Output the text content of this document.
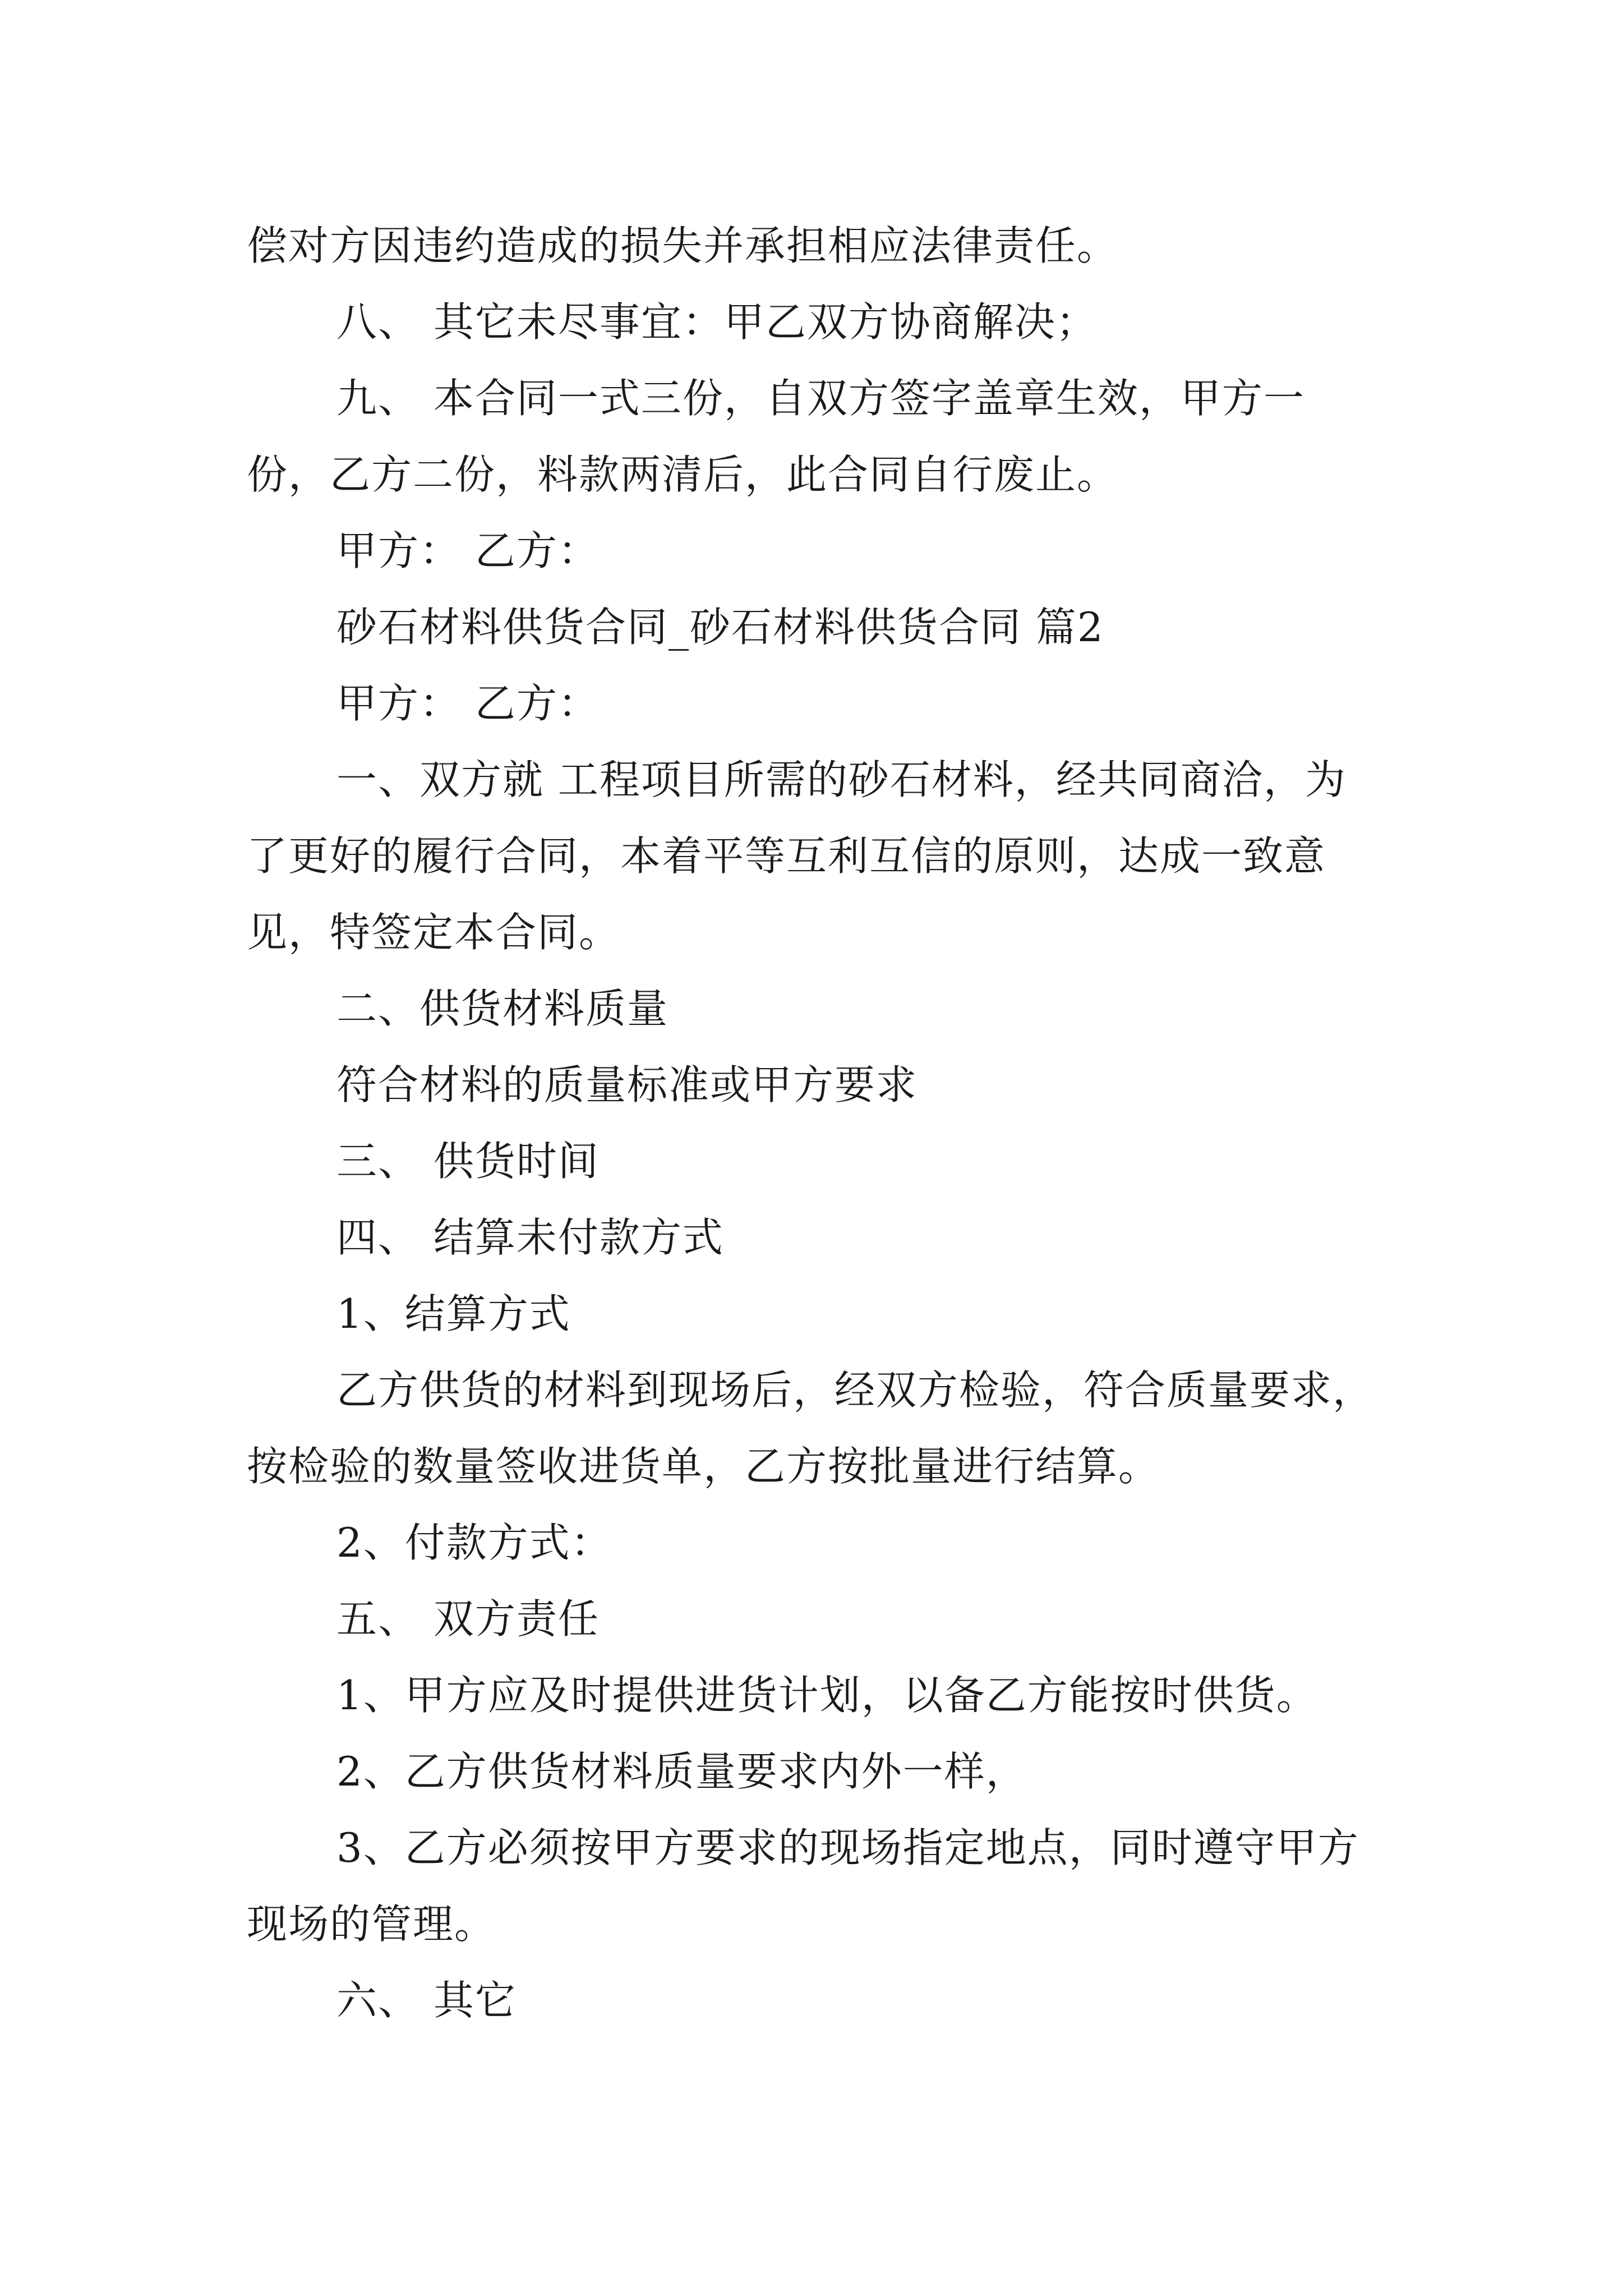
偿对方因违约造成的损失并承担相应法律责任。

八、 其它未尽事宜：甲乙双方协商解决；

九、 本合同一式三份，自双方签字盖章生效，甲方一份，乙方二份，料款两清后，此合同自行废止。

甲方： 乙方：

砂石材料供货合同_砂石材料供货合同 篇2

甲方： 乙方：

一、双方就 工程项目所需的砂石材料，经共同商洽，为了更好的履行合同，本着平等互利互信的原则，达成一致意见，特签定本合同。

二、供货材料质量

符合材料的质量标准或甲方要求

三、 供货时间

四、 结算未付款方式

1、结算方式

乙方供货的材料到现场后，经双方检验，符合质量要求，按检验的数量签收进货单，乙方按批量进行结算。

2、付款方式：

五、 双方责任

1、甲方应及时提供进货计划，以备乙方能按时供货。

2、乙方供货材料质量要求内外一样，

3、乙方必须按甲方要求的现场指定地点，同时遵守甲方现场的管理。

六、 其它
